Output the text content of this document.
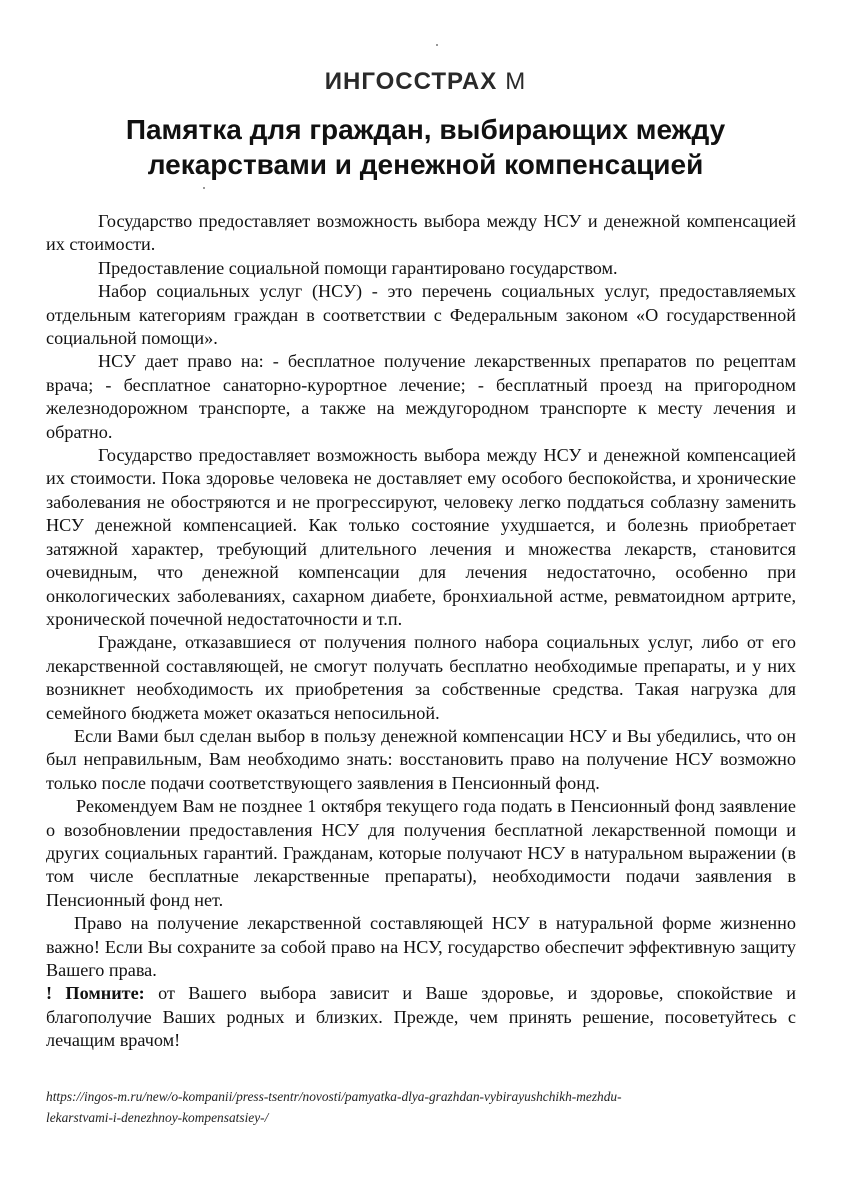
ИНГОССТРАХ М
Памятка для граждан, выбирающих между
лекарствами и денежной компенсацией

Государство предоставляет возможность выбора между НСУ и денежной компенсацией их стоимости.

Предоставление социальной помощи гарантировано государством.

Набор социальных услуг (НСУ) - это перечень социальных услуг, предоставляемых отдельным категориям граждан в соответствии с Федеральным законом «О государственной социальной помощи».

НСУ дает право на: - бесплатное получение лекарственных препаратов по рецептам врача; - бесплатное санаторно-курортное лечение; - бесплатный проезд на пригородном железнодорожном транспорте, а также на междугородном транспорте к месту лечения и обратно.

Государство предоставляет возможность выбора между НСУ и денежной компенсацией их стоимости. Пока здоровье человека не доставляет ему особого беспокойства, и хронические заболевания не обостряются и не прогрессируют, человеку легко поддаться соблазну заменить НСУ денежной компенсацией. Как только состояние ухудшается, и болезнь приобретает затяжной характер, требующий длительного лечения и множества лекарств, становится очевидным, что денежной компенсации для лечения недостаточно, особенно при онкологических заболеваниях, сахарном диабете, бронхиальной астме, ревматоидном артрите, хронической почечной недостаточности и т.п.

Граждане, отказавшиеся от получения полного набора социальных услуг, либо от его лекарственной составляющей, не смогут получать бесплатно необходимые препараты, и у них возникнет необходимость их приобретения за собственные средства. Такая нагрузка для семейного бюджета может оказаться непосильной.

Если Вами был сделан выбор в пользу денежной компенсации НСУ и Вы убедились, что он был неправильным, Вам необходимо знать: восстановить право на получение НСУ возможно только после подачи соответствующего заявления в Пенсионный фонд.

Рекомендуем Вам не позднее 1 октября текущего года подать в Пенсионный фонд заявление о возобновлении предоставления НСУ для получения бесплатной лекарственной помощи и других социальных гарантий. Гражданам, которые получают НСУ в натуральном выражении (в том числе бесплатные лекарственные препараты), необходимости подачи заявления в Пенсионный фонд нет.

Право на получение лекарственной составляющей НСУ в натуральной форме жизненно важно! Если Вы сохраните за собой право на НСУ, государство обеспечит эффективную защиту Вашего права.

! Помните: от Вашего выбора зависит и Ваше здоровье, и здоровье, спокойствие и благополучие Ваших родных и близких. Прежде, чем принять решение, посоветуйтесь с лечащим врачом!

https://ingos-m.ru/new/o-kompanii/press-tsentr/novosti/pamyatka-dlya-grazhdan-vybirayushchikh-mezhdu-
lekarstvami-i-denezhnoy-kompensatsiey-/
